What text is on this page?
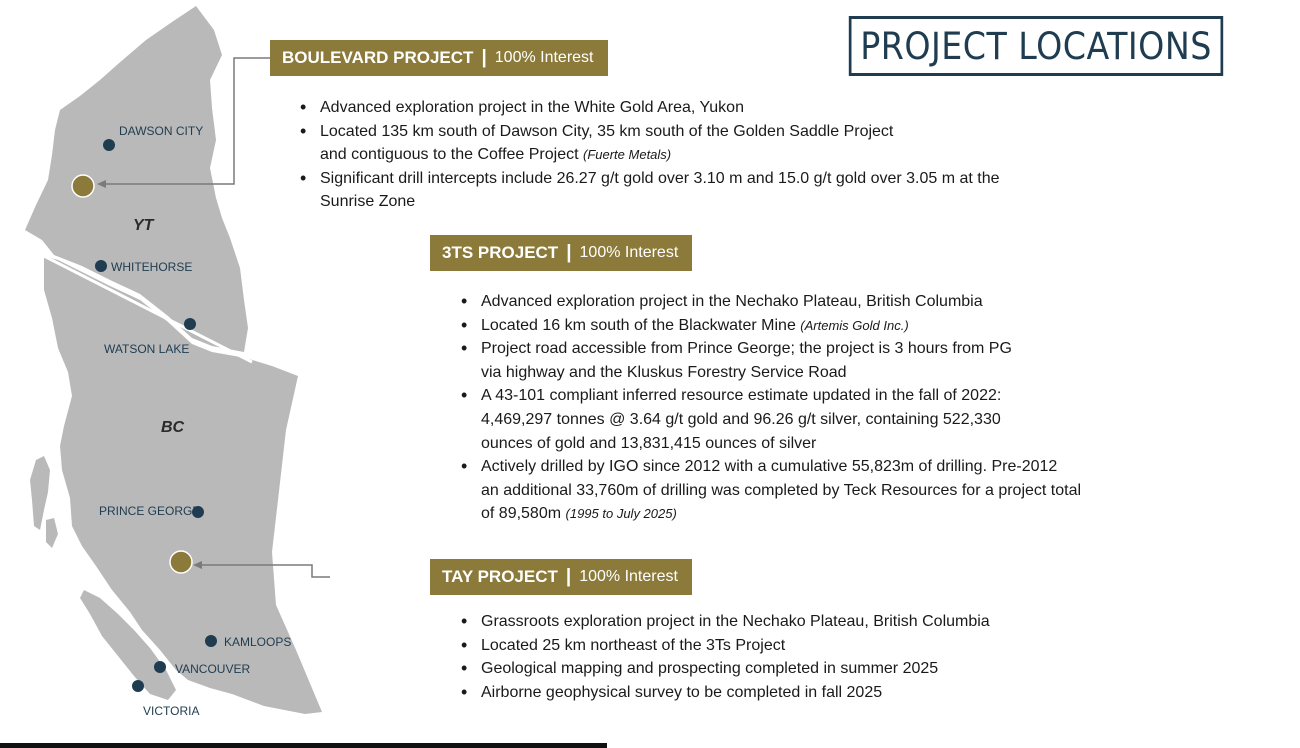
YT
BC
DAWSON CITY
WHITEHORSE
WATSON LAKE
PRINCE GEORGE
KAMLOOPS
VANCOUVER
VICTORIA
PROJECT LOCATIONS
BOULEVARD PROJECT | 100% Interest
• Advanced exploration project in the White Gold Area, Yukon
• Located 135 km south of Dawson City, 35 km south of the Golden Saddle Project
and contiguous to the Coffee Project (Fuerte Metals)
• Significant drill intercepts include 26.27 g/t gold over 3.10 m and 15.0 g/t gold over 3.05 m at the
Sunrise Zone
3TS PROJECT | 100% Interest
• Advanced exploration project in the Nechako Plateau, British Columbia
• Located 16 km south of the Blackwater Mine (Artemis Gold Inc.)
• Project road accessible from Prince George; the project is 3 hours from PG
via highway and the Kluskus Forestry Service Road
• A 43-101 compliant inferred resource estimate updated in the fall of 2022:
4,469,297 tonnes @ 3.64 g/t gold and 96.26 g/t silver, containing 522,330
ounces of gold and 13,831,415 ounces of silver
• Actively drilled by IGO since 2012 with a cumulative 55,823m of drilling. Pre-2012
an additional 33,760m of drilling was completed by Teck Resources for a project total
of 89,580m (1995 to July 2025)
TAY PROJECT | 100% Interest
• Grassroots exploration project in the Nechako Plateau, British Columbia
• Located 25 km northeast of the 3Ts Project
• Geological mapping and prospecting completed in summer 2025
• Airborne geophysical survey to be completed in fall 2025
